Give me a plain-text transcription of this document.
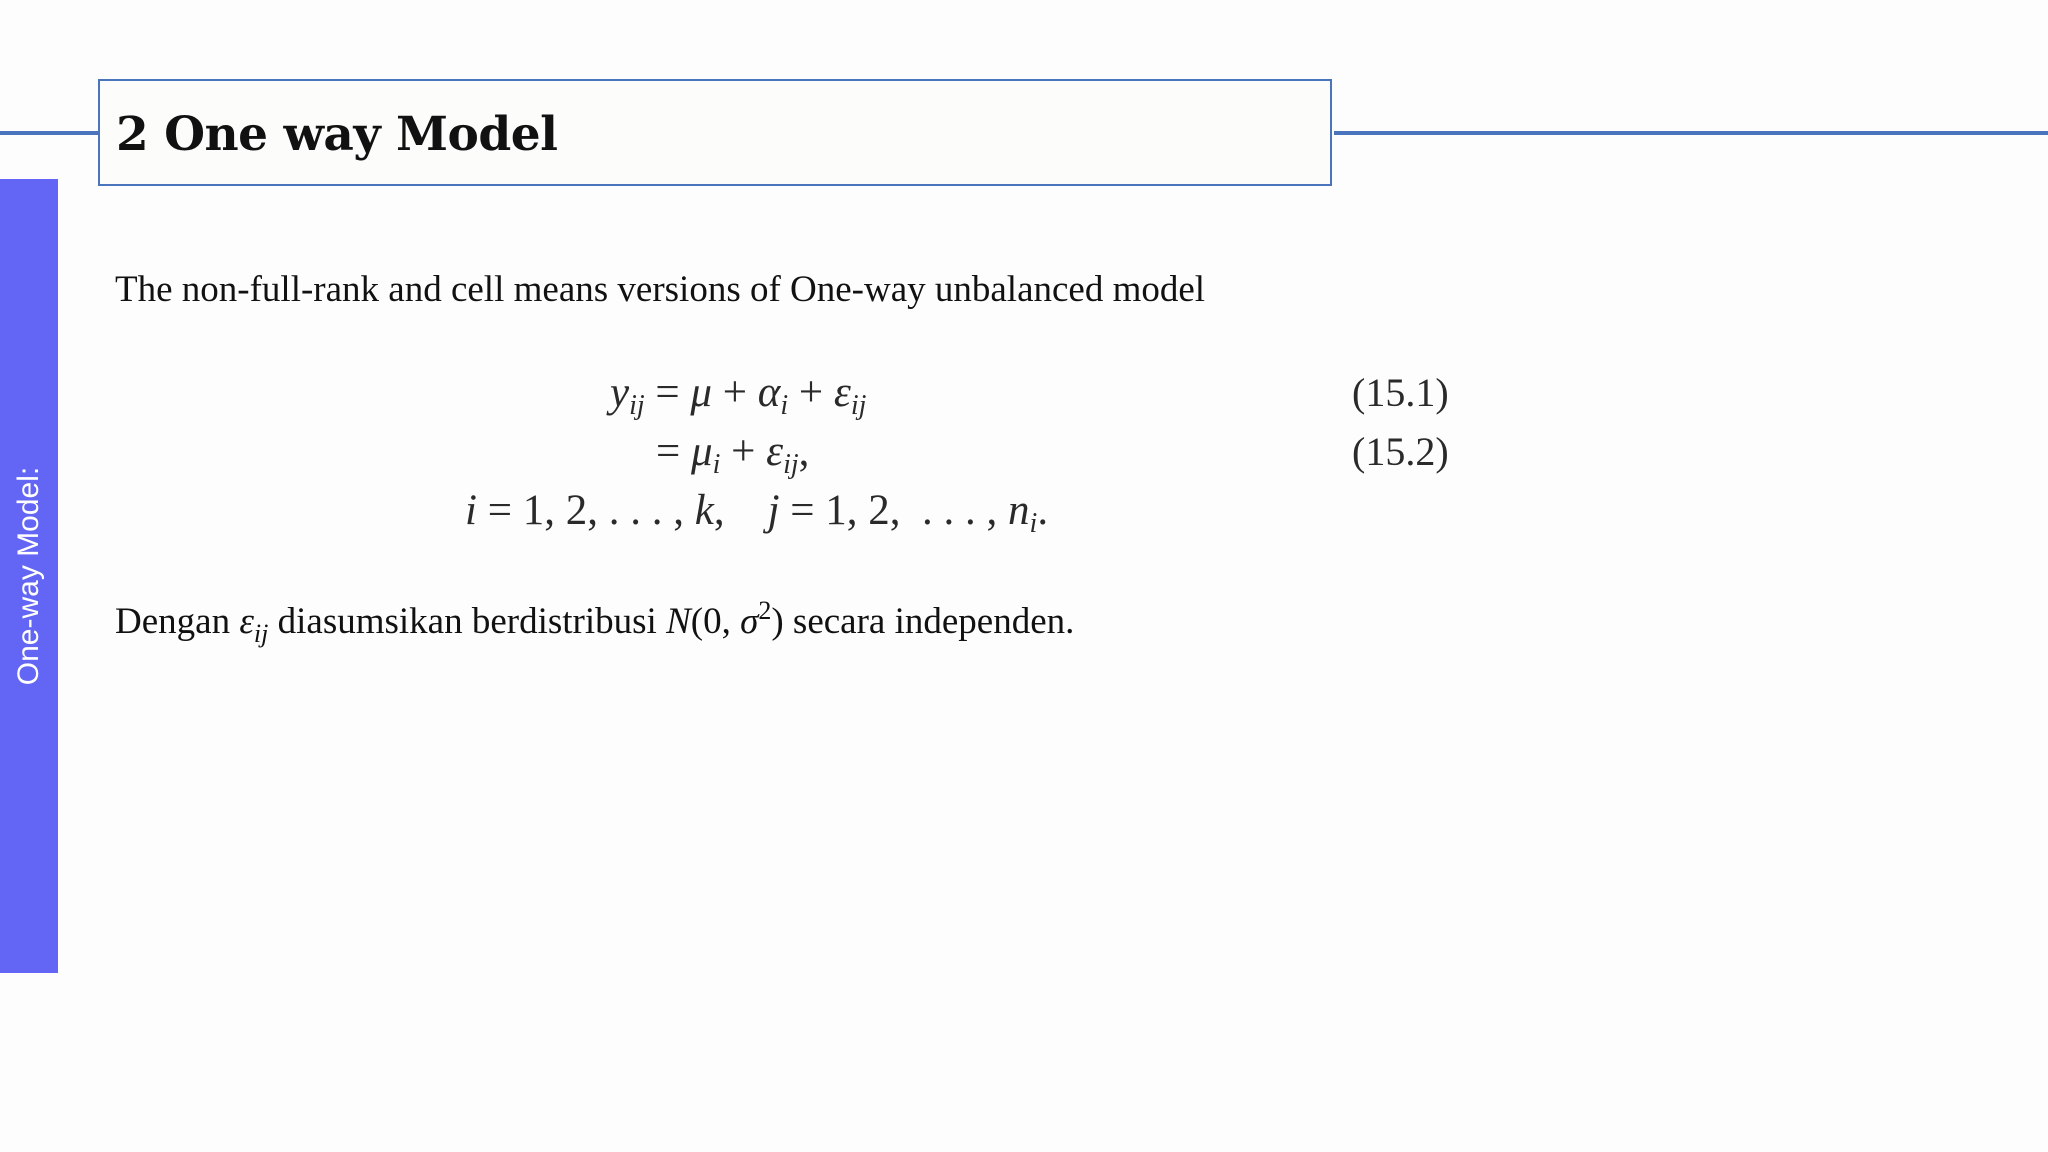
2 One way Model
One-way Model:
The non-full-rank and cell means versions of One-way unbalanced model
$y_{ij} = \mu + \alpha_i + \varepsilon_{ij}$	(15.1)
= $\mu_i + \varepsilon_{ij}$,	(15.2)
i = 1, 2, . . . , k,    j = 1, 2,  . . . , $n_i$.
Dengan $\varepsilon_{ij}$ diasumsikan berdistribusi N(0, $\sigma^2$) secara independen.
